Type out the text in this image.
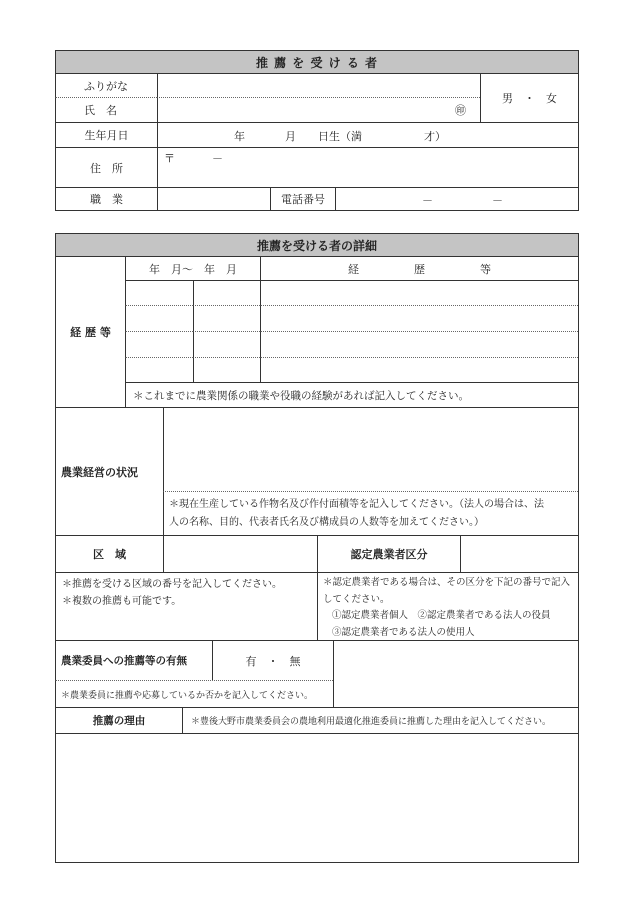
推 薦 を 受 け る 者
ふりがな
氏　名	㊞
男　・　女
生年月日	年	月 日生（満	才）
住　所
〒	－
職　業	電話番号	－	－
推薦を受ける者の詳細
経 歴 等
年　月～　年　月	経　　　　　歴　　　　　等
＊これまでに農業関係の職業や役職の経験があれば記入してください。
農業経営の状況
＊現在生産している作物名及び作付面積等を記入してください。（法人の場合は、法
人の名称、目的、代表者氏名及び構成員の人数等を加えてください。）
区　域	認定農業者区分
＊推薦を受ける区域の番号を記入してください。
＊複数の推薦も可能です。
＊認定農業者である場合は、その区分を下記の番号で記入
してください。
①認定農業者個人　②認定農業者である法人の役員
③認定農業者である法人の使用人
農業委員への推薦等の有無	有　・　無
＊農業委員に推薦や応募しているか否かを記入してください。
推薦の理由	＊豊後大野市農業委員会の農地利用最適化推進委員に推薦した理由を記入してください。
